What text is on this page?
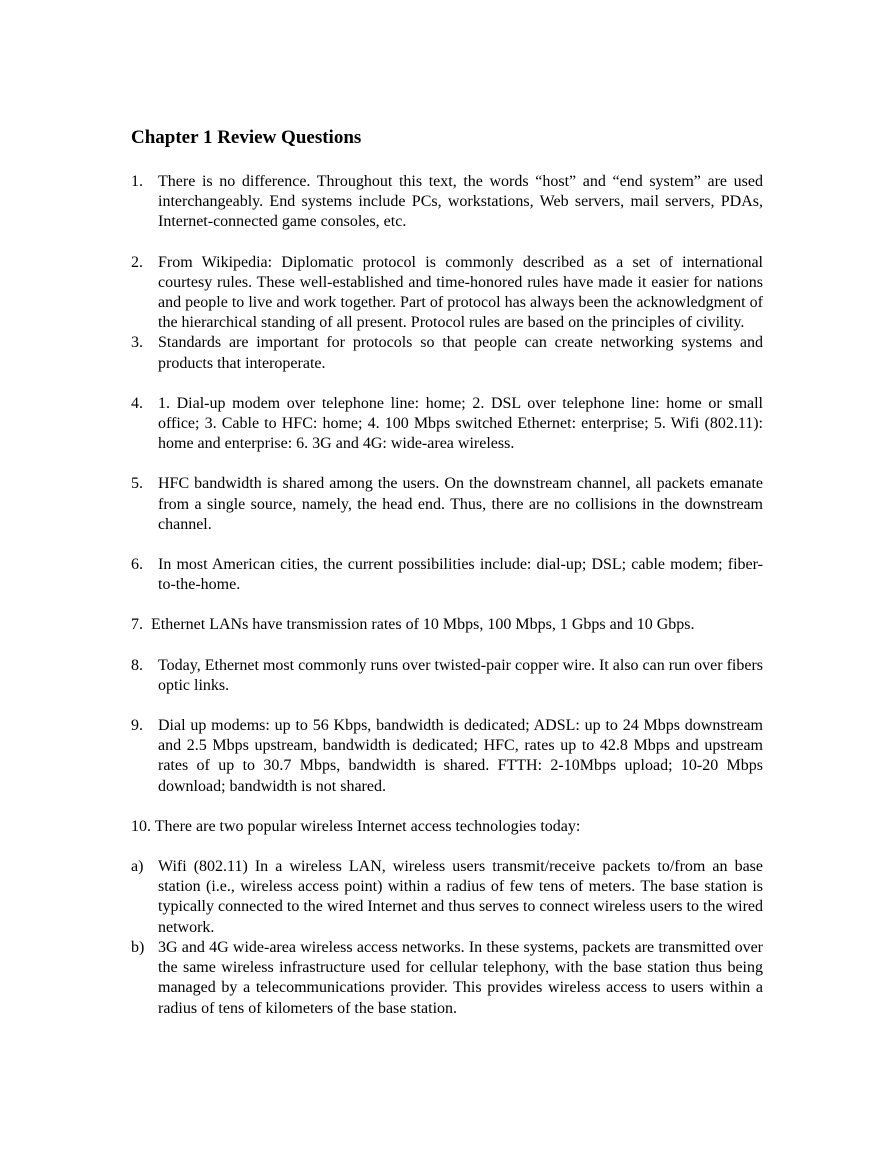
Chapter 1 Review Questions

1. There is no difference. Throughout this text, the words “host” and “end system” are used interchangeably. End systems include PCs, workstations, Web servers, mail servers, PDAs, Internet-connected game consoles, etc.

2. From Wikipedia: Diplomatic protocol is commonly described as a set of international courtesy rules. These well-established and time-honored rules have made it easier for nations and people to live and work together. Part of protocol has always been the acknowledgment of the hierarchical standing of all present. Protocol rules are based on the principles of civility.

3. Standards are important for protocols so that people can create networking systems and products that interoperate.

4. 1. Dial-up modem over telephone line: home; 2. DSL over telephone line: home or small office; 3. Cable to HFC: home; 4. 100 Mbps switched Ethernet: enterprise; 5. Wifi (802.11): home and enterprise: 6. 3G and 4G: wide-area wireless.

5. HFC bandwidth is shared among the users. On the downstream channel, all packets emanate from a single source, namely, the head end. Thus, there are no collisions in the downstream channel.

6. In most American cities, the current possibilities include: dial-up; DSL; cable modem; fiber-to-the-home.

7. Ethernet LANs have transmission rates of 10 Mbps, 100 Mbps, 1 Gbps and 10 Gbps.

8. Today, Ethernet most commonly runs over twisted-pair copper wire. It also can run over fibers optic links.

9. Dial up modems: up to 56 Kbps, bandwidth is dedicated; ADSL: up to 24 Mbps downstream and 2.5 Mbps upstream, bandwidth is dedicated; HFC, rates up to 42.8 Mbps and upstream rates of up to 30.7 Mbps, bandwidth is shared. FTTH: 2-10Mbps upload; 10-20 Mbps download; bandwidth is not shared.

10. There are two popular wireless Internet access technologies today:

a) Wifi (802.11) In a wireless LAN, wireless users transmit/receive packets to/from an base station (i.e., wireless access point) within a radius of few tens of meters. The base station is typically connected to the wired Internet and thus serves to connect wireless users to the wired network.

b) 3G and 4G wide-area wireless access networks. In these systems, packets are transmitted over the same wireless infrastructure used for cellular telephony, with the base station thus being managed by a telecommunications provider. This provides wireless access to users within a radius of tens of kilometers of the base station.
